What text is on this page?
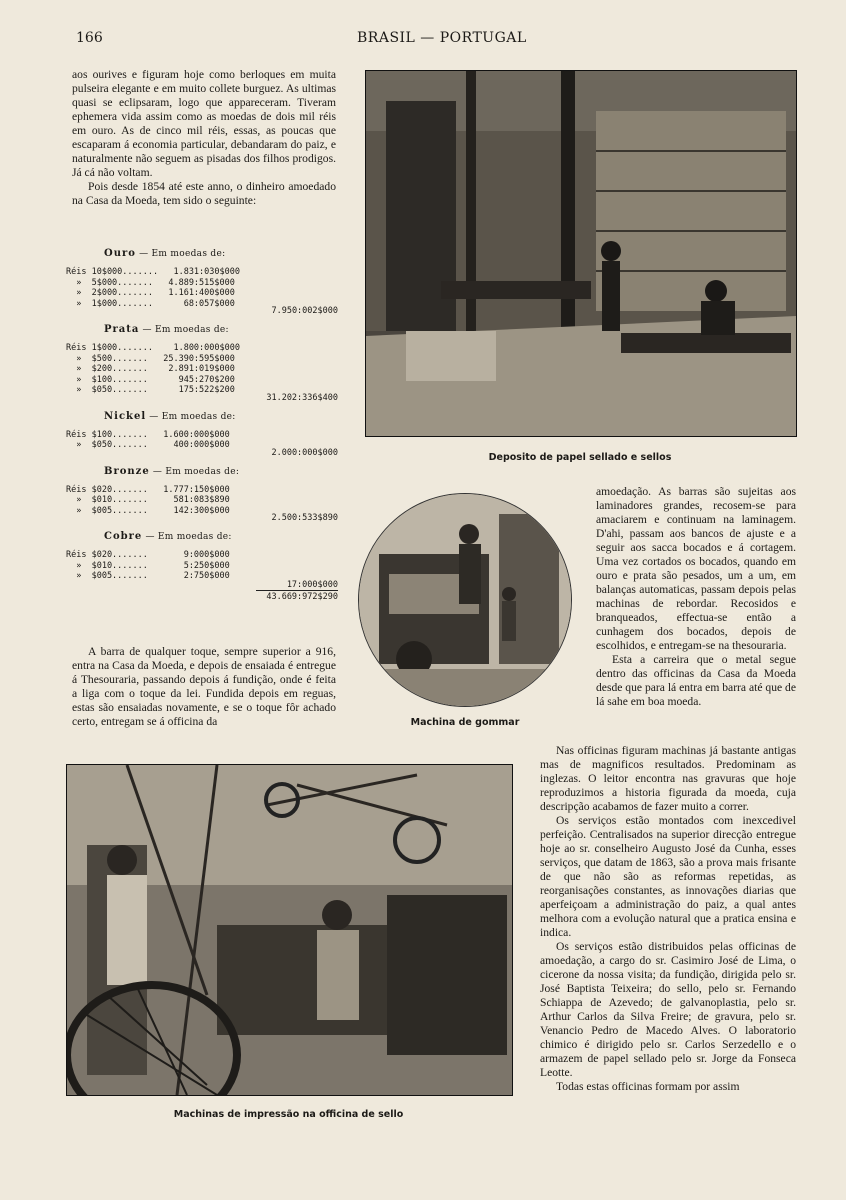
166	BRASIL — PORTUGAL

aos ourives e figuram hoje como berloques em muita pulseira elegante e em muito collete burguez. As ultimas quasi se eclipsaram, logo que appareceram. Tiveram ephemera vida assim como as moedas de dois mil réis em ouro. As de cinco mil réis, essas, as poucas que escaparam á economia particular, debandaram do paiz, e naturalmente não seguem as pisadas dos filhos prodigos. Já cá não voltam.

Pois desde 1854 até este anno, o dinheiro amoedado na Casa da Moeda, tem sido o seguinte:

Ouro — Em moedas de:
Réis 10$000.......   1.831:030$000
»  5$000.......   4.889:515$000
»  2$000.......   1.161:400$000
»  1$000.......      68:057$000
7.950:002$000
Prata — Em moedas de:
Réis 1$000.......    1.800:000$000
»  $500.......   25.390:595$000
»  $200.......    2.891:019$000
»  $100.......      945:270$200
»  $050.......      175:522$200
31.202:336$400
Nickel — Em moedas de:
Réis $100.......   1.600:000$000
»  $050.......     400:000$000
2.000:000$000
Bronze — Em moedas de:
Réis $020.......   1.777:150$000
»  $010.......     581:083$890
»  $005.......     142:300$000
2.500:533$890
Cobre — Em moedas de:
Réis $020.......       9:000$000
»  $010.......       5:250$000
»  $005.......       2:750$000
17:000$000
43.669:972$290

A barra de qualquer toque, sempre superior a 916, entra na Casa da Moeda, e depois de ensaiada é entregue á Thesouraria, passando depois á fundição, onde é feita a liga com o toque da lei. Fundida depois em reguas, estas são ensaiadas novamente, e se o toque fôr achado certo, entregam se á officina da

Deposito de papel sellado e sellos
Machina de gommar

amoedação. As barras são sujeitas aos laminadores grandes, recosem-se para amaciarem e continuam na laminagem. D'ahi, passam aos bancos de ajuste e a seguir aos sacca bocados e á cortagem. Uma vez cortados os bocados, quando em ouro e prata são pesados, um a um, em balanças automaticas, passam depois pelas machinas de rebordar. Recosidos e branqueados, effectua-se então a cunhagem dos bocados, depois de escolhidos, e entregam-se na thesouraria.

Esta a carreira que o metal segue dentro das officinas da Casa da Moeda desde que para lá entra em barra até que de lá sahe em boa moeda.

Nas officinas figuram machinas já bastante antigas mas de magnificos resultados. Predominam as inglezas. O leitor encontra nas gravuras que hoje reproduzimos a historia figurada da moeda, cuja descripção acabamos de fazer muito a correr.

Os serviços estão montados com inexcedivel perfeição. Centralisados na superior direcção entregue hoje ao sr. conselheiro Augusto José da Cunha, esses serviços, que datam de 1863, são a prova mais frisante de que não são as reformas repetidas, as reorganisações constantes, as innovações diarias que aperfeiçoam a administração do paiz, a qual antes melhora com a evolução natural que a pratica ensina e indica.

Os serviços estão distribuidos pelas officinas de amoedação, a cargo do sr. Casimiro José de Lima, o cicerone da nossa visita; da fundição, dirigida pelo sr. José Baptista Teixeira; do sello, pelo sr. Fernando Schiappa de Azevedo; de galvanoplastia, pelo sr. Arthur Carlos da Silva Freire; de gravura, pelo sr. Venancio Pedro de Macedo Alves. O laboratorio chimico é dirigido pelo sr. Carlos Serzedello e o armazem de papel sellado pelo sr. Jorge da Fonseca Leotte.

Todas estas officinas formam por assim

Machinas de impressão na officina de sello
